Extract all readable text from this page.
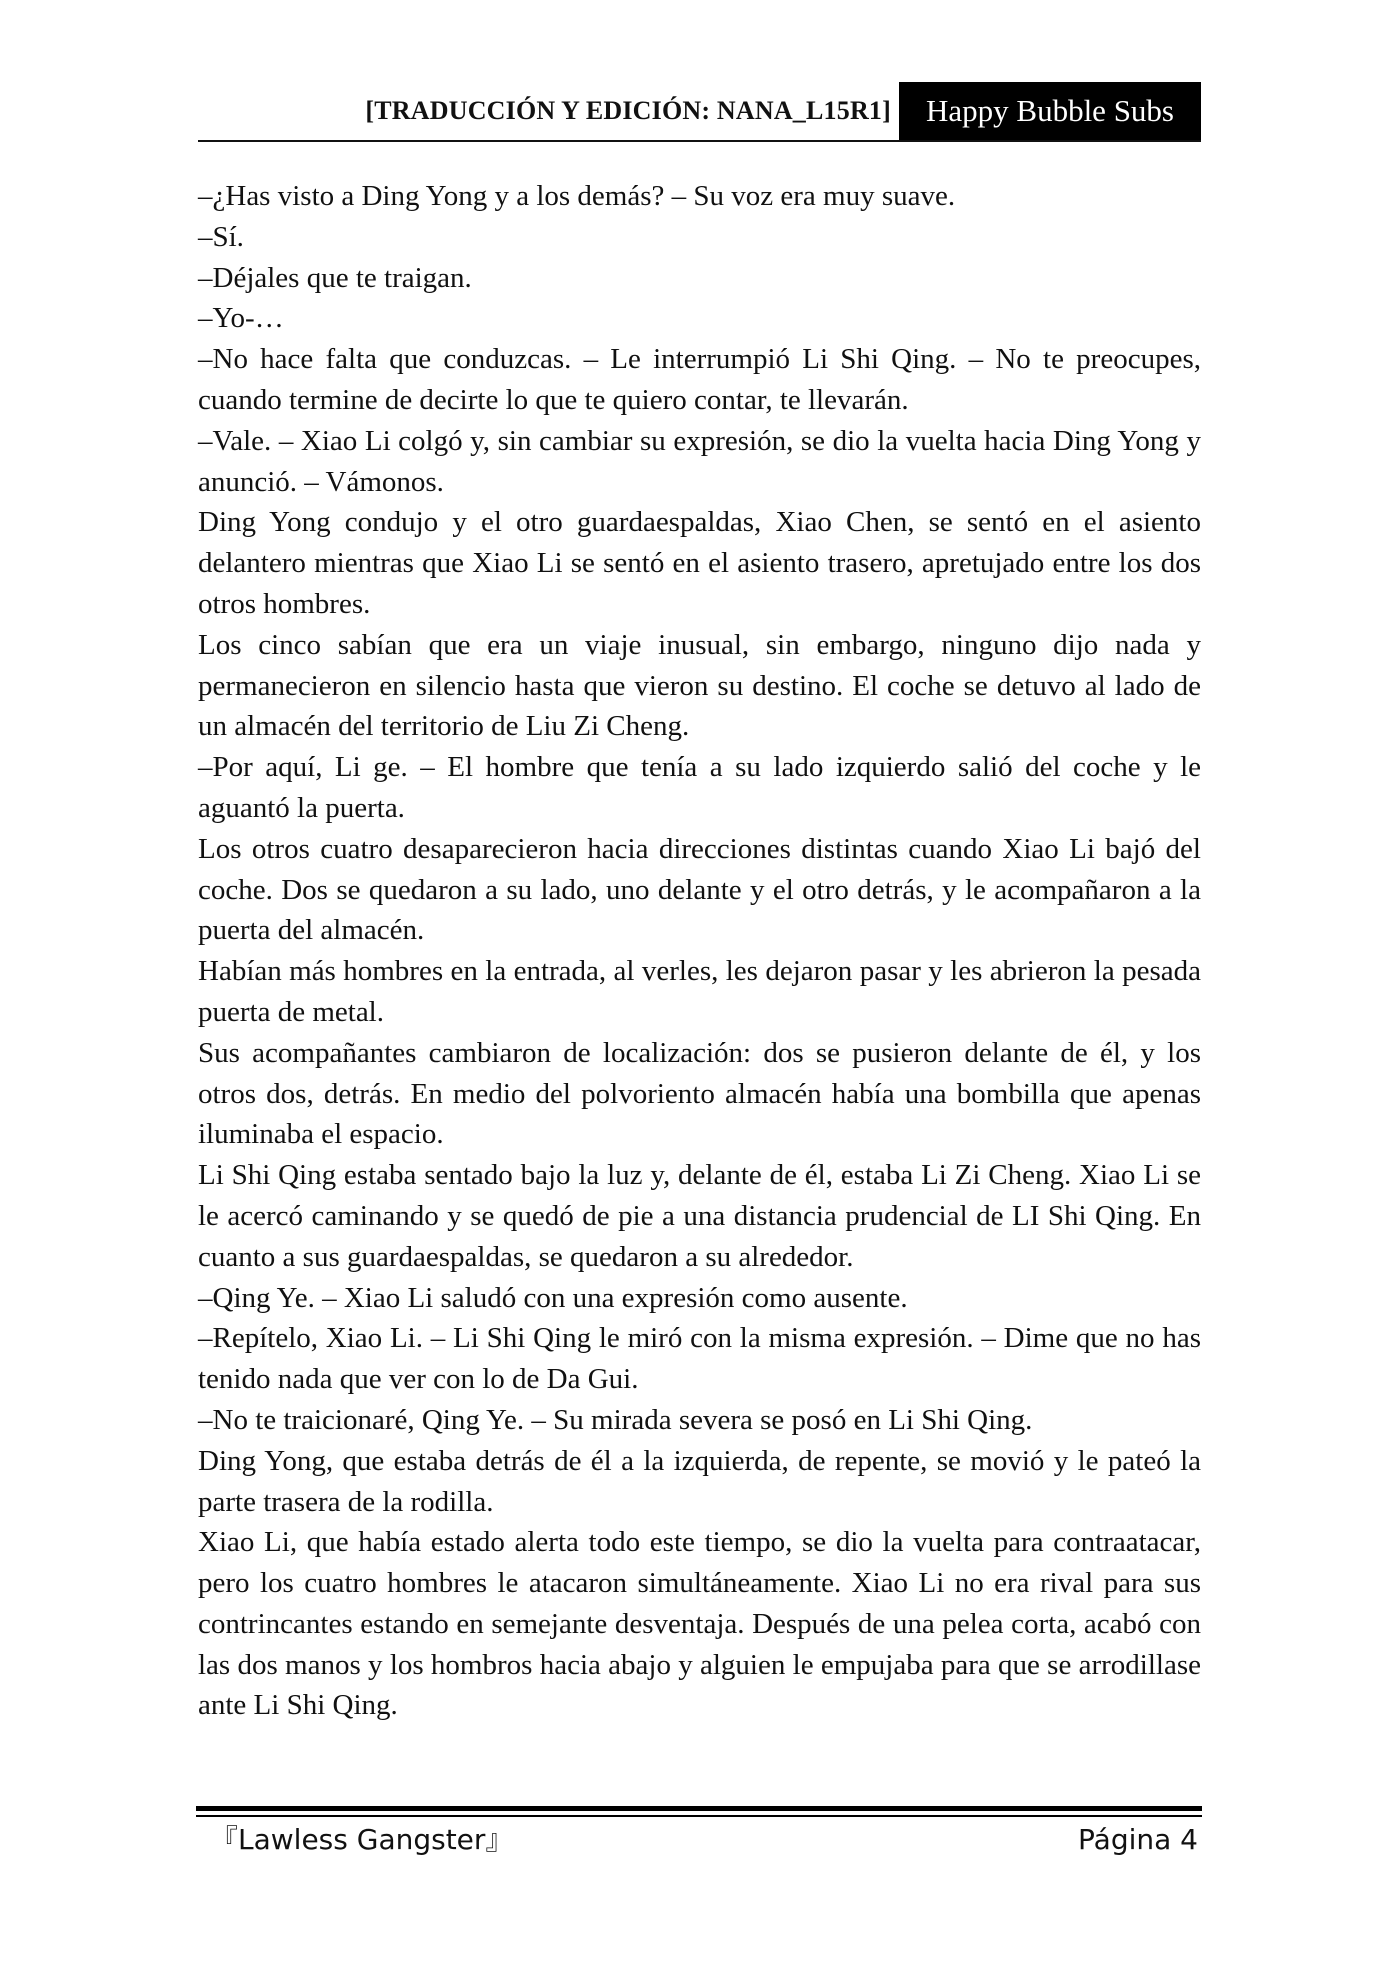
[TRADUCCIÓN Y EDICIÓN: NANA_L15R1]	Happy Bubble Subs

–¿Has visto a Ding Yong y a los demás? – Su voz era muy suave.

–Sí.

–Déjales que te traigan.

–Yo-…

–No hace falta que conduzcas. – Le interrumpió Li Shi Qing. – No te preocupes, cuando termine de decirte lo que te quiero contar, te llevarán.

–Vale. – Xiao Li colgó y, sin cambiar su expresión, se dio la vuelta hacia Ding Yong y anunció. – Vámonos.

Ding Yong condujo y el otro guardaespaldas, Xiao Chen, se sentó en el asiento delantero mientras que Xiao Li se sentó en el asiento trasero, apretujado entre los dos otros hombres.

Los cinco sabían que era un viaje inusual, sin embargo, ninguno dijo nada y permanecieron en silencio hasta que vieron su destino. El coche se detuvo al lado de un almacén del territorio de Liu Zi Cheng.

–Por aquí, Li ge. – El hombre que tenía a su lado izquierdo salió del coche y le aguantó la puerta.

Los otros cuatro desaparecieron hacia direcciones distintas cuando Xiao Li bajó del coche. Dos se quedaron a su lado, uno delante y el otro detrás, y le acompañaron a la puerta del almacén.

Habían más hombres en la entrada, al verles, les dejaron pasar y les abrieron la pesada puerta de metal.

Sus acompañantes cambiaron de localización: dos se pusieron delante de él, y los otros dos, detrás. En medio del polvoriento almacén había una bombilla que apenas iluminaba el espacio.

Li Shi Qing estaba sentado bajo la luz y, delante de él, estaba Li Zi Cheng. Xiao Li se le acercó caminando y se quedó de pie a una distancia prudencial de LI Shi Qing. En cuanto a sus guardaespaldas, se quedaron a su alrededor.

–Qing Ye. – Xiao Li saludó con una expresión como ausente.

–Repítelo, Xiao Li. – Li Shi Qing le miró con la misma expresión. – Dime que no has tenido nada que ver con lo de Da Gui.

–No te traicionaré, Qing Ye. – Su mirada severa se posó en Li Shi Qing.

Ding Yong, que estaba detrás de él a la izquierda, de repente, se movió y le pateó la parte trasera de la rodilla.

Xiao Li, que había estado alerta todo este tiempo, se dio la vuelta para contraatacar, pero los cuatro hombres le atacaron simultáneamente. Xiao Li no era rival para sus contrincantes estando en semejante desventaja. Después de una pelea corta, acabó con las dos manos y los hombros hacia abajo y alguien le empujaba para que se arrodillase ante Li Shi Qing.

『Lawless Gangster』	Página 4
